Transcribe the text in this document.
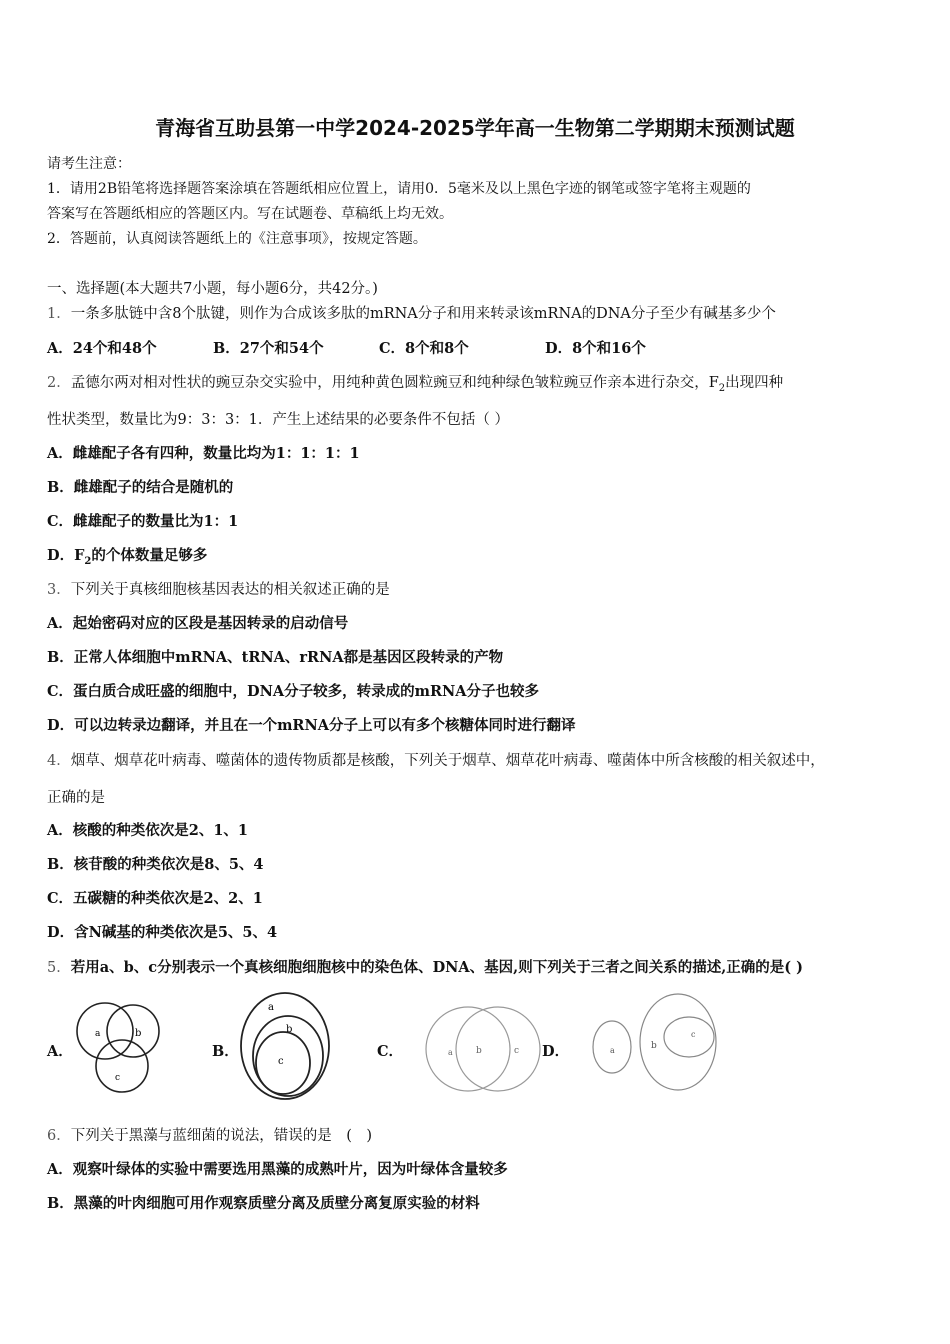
青海省互助县第一中学2024-2025学年高一生物第二学期期末预测试题
请考生注意：
1．请用2B铅笔将选择题答案涂填在答题纸相应位置上，请用0．5毫米及以上黑色字迹的钢笔或签字笔将主观题的
答案写在答题纸相应的答题区内。写在试题卷、草稿纸上均无效。
2．答题前，认真阅读答题纸上的《注意事项》，按规定答题。
一、选择题(本大题共7小题，每小题6分，共42分。)
1．一条多肽链中含8个肽键，则作为合成该多肽的mRNA分子和用来转录该mRNA的DNA分子至少有碱基多少个
A．24个和48个	B．27个和54个	C．8个和8个	D．8个和16个
2．孟德尔两对相对性状的豌豆杂交实验中，用纯种黄色圆粒豌豆和纯种绿色皱粒豌豆作亲本进行杂交，$F_2$出现四种
性状类型，数量比为9：3：3：1．产生上述结果的必要条件不包括（ ）
A．雌雄配子各有四种，数量比均为1：1：1：1
B．雌雄配子的结合是随机的
C．雌雄配子的数量比为1：1
D．$F_2$的个体数量足够多
3．下列关于真核细胞核基因表达的相关叙述正确的是
A．起始密码对应的区段是基因转录的启动信号
B．正常人体细胞中mRNA、tRNA、rRNA都是基因区段转录的产物
C．蛋白质合成旺盛的细胞中，DNA分子较多，转录成的mRNA分子也较多
D．可以边转录边翻译，并且在一个mRNA分子上可以有多个核糖体同时进行翻译
4．烟草、烟草花叶病毒、噬菌体的遗传物质都是核酸，下列关于烟草、烟草花叶病毒、噬菌体中所含核酸的相关叙述中，
正确的是
A．核酸的种类依次是2、1、1
B．核苷酸的种类依次是8、5、4
C．五碳糖的种类依次是2、2、1
D．含N碱基的种类依次是5、5、4
5．若用a、b、c分别表示一个真核细胞细胞核中的染色体、DNA、基因,则下列关于三者之间关系的描述,正确的是( )
A．	B．	C．	D．
a	b
c
a
b
c
a	b	c	a	b
c
6．下列关于黑藻与蓝细菌的说法，错误的是　(　)
A．观察叶绿体的实验中需要选用黑藻的成熟叶片，因为叶绿体含量较多
B．黑藻的叶肉细胞可用作观察质壁分离及质壁分离复原实验的材料
